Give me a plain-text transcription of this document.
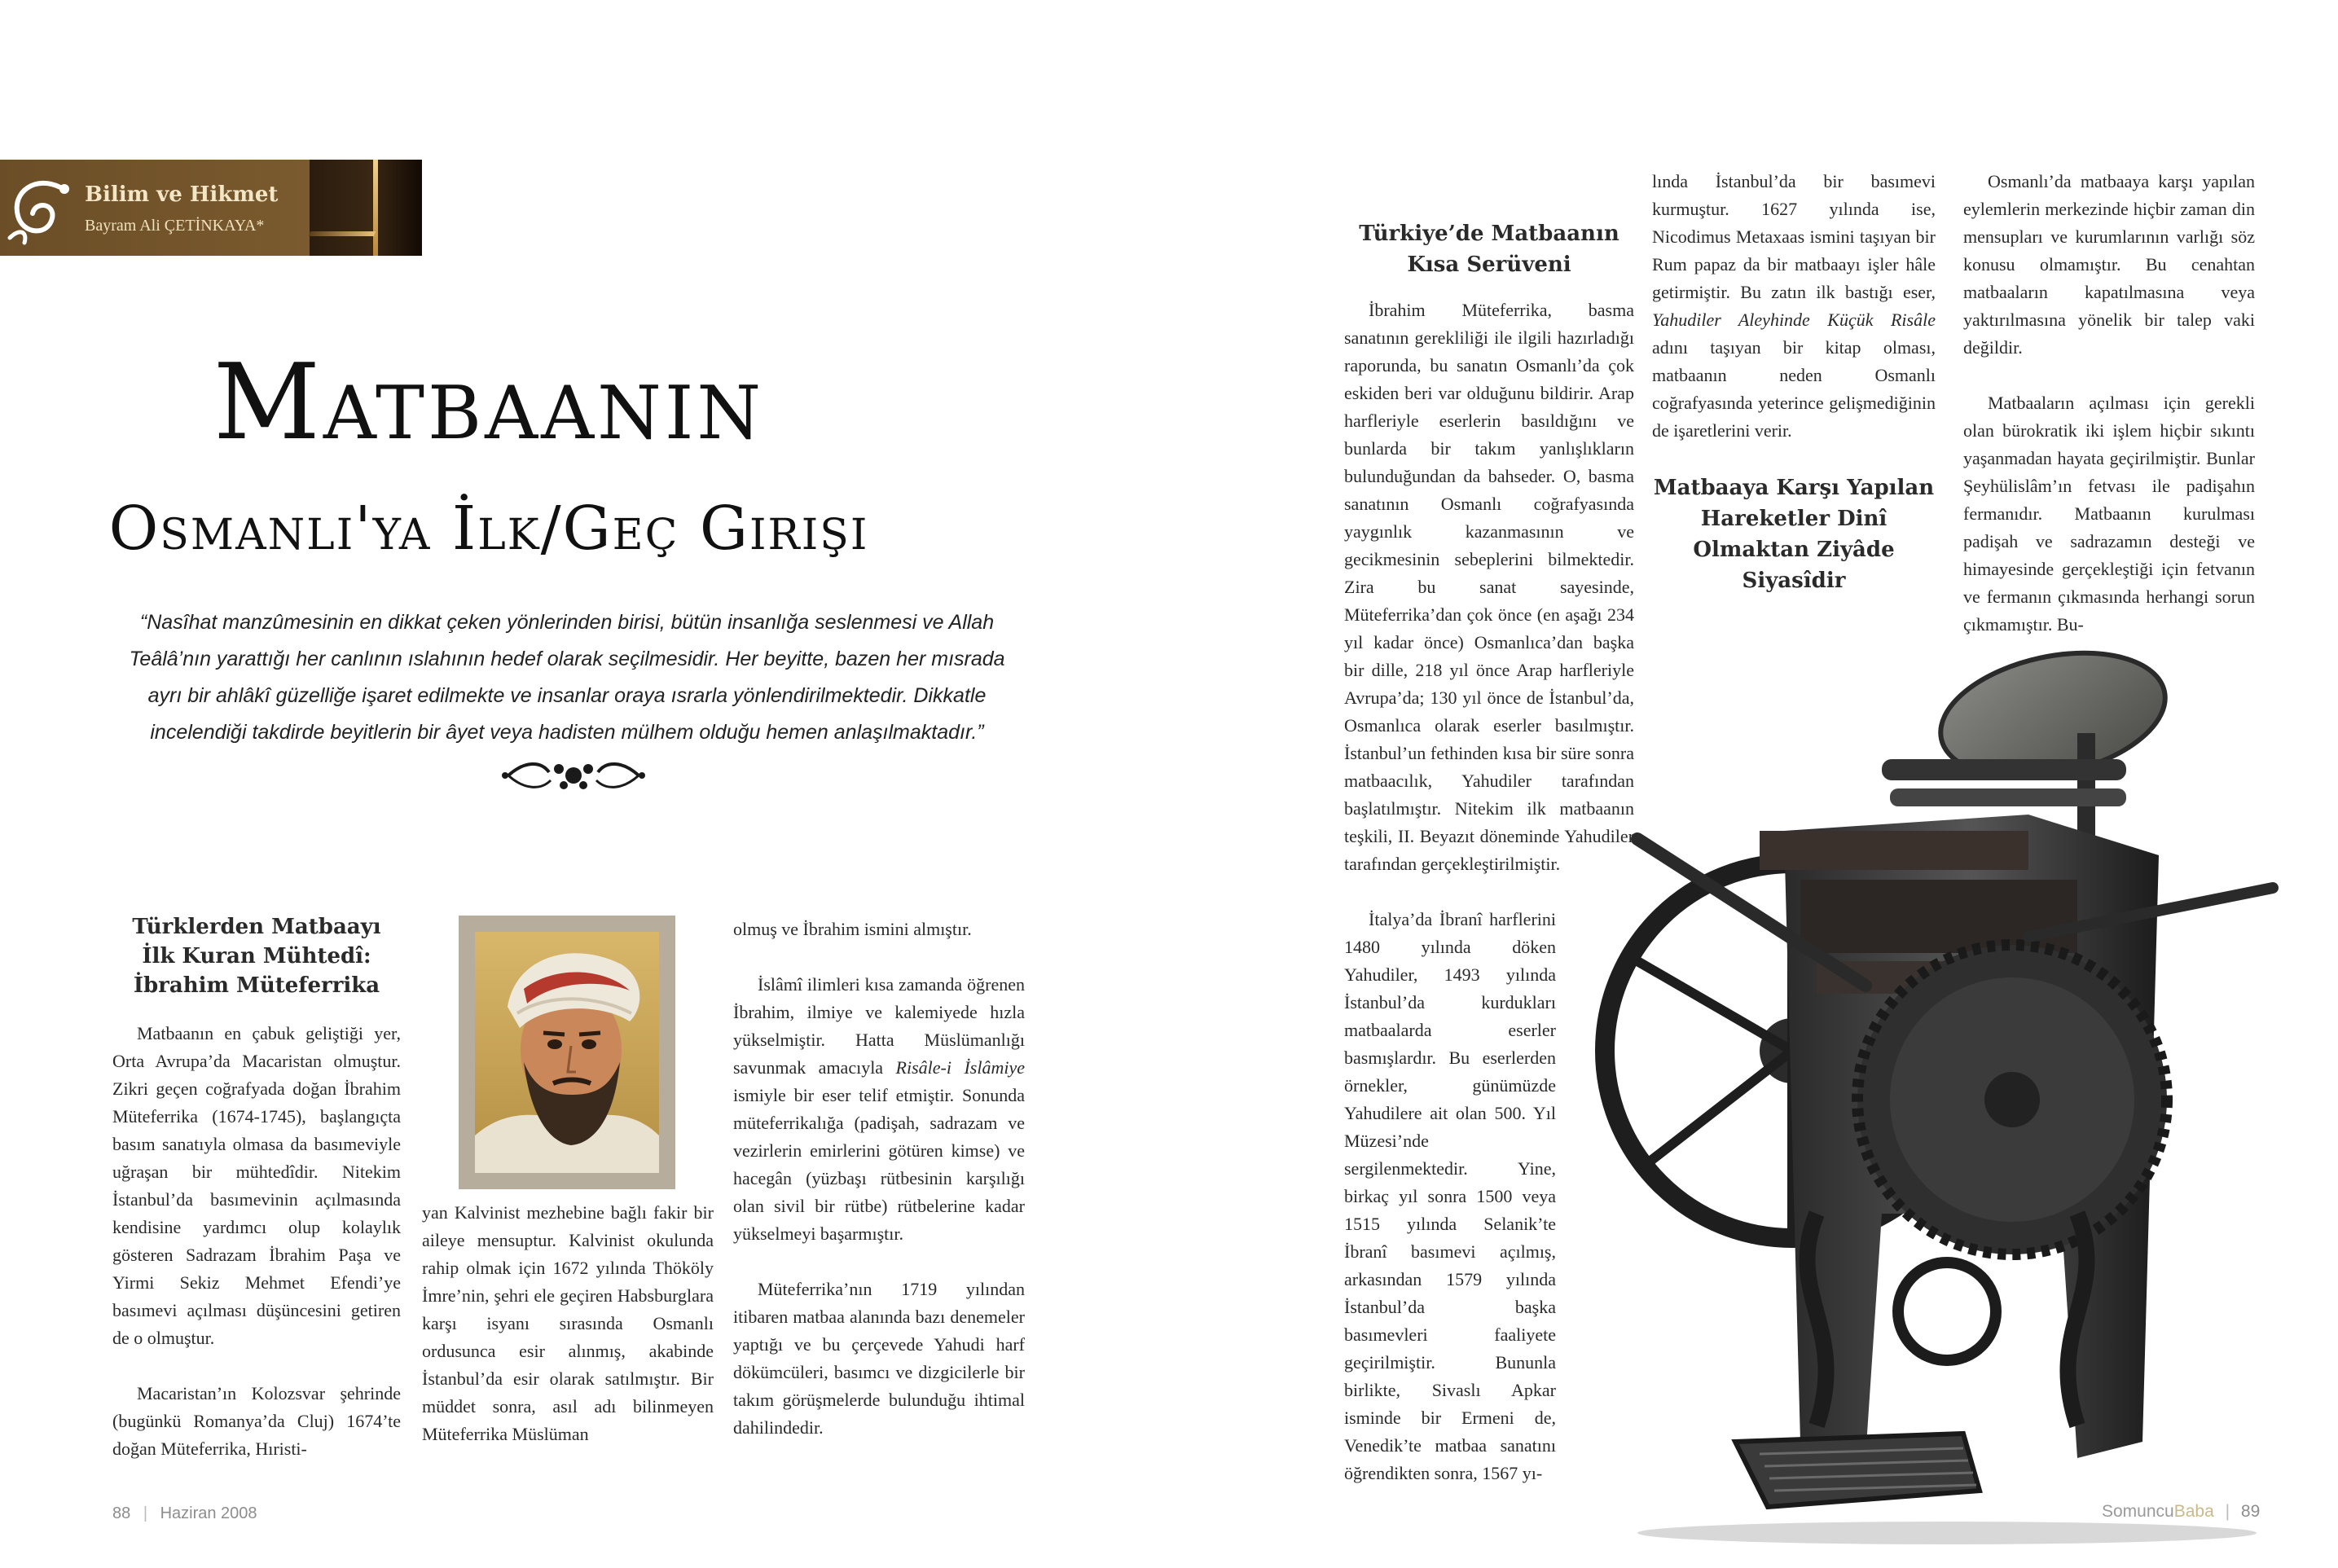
Bilim ve Hikmet
Bayram Ali ÇETİNKAYA*
Matbaanın
Osmanlı'ya İlk/Geç Girişi
“Nasîhat manzûmesinin en dikkat çeken yönlerinden birisi, bütün insanlığa seslenmesi ve Allah Teâlâ’nın yarattığı her canlının ıslahının hedef olarak seçilmesidir. Her beyitte, bazen her mısrada ayrı bir ahlâkî güzelliğe işaret edilmekte ve insanlar oraya ısrarla yönlendirilmektedir. Dikkatle incelendiği takdirde beyitlerin bir âyet veya hadisten mülhem olduğu hemen anlaşılmaktadır.”
Türklerden Matbaayı İlk Kuran Mühtedî: İbrahim Müteferrika

Matbaanın en çabuk geliştiği yer, Orta Avrupa’da Macaristan olmuştur. Zikri geçen coğrafyada doğan İbrahim Müteferrika (1674-1745), başlangıçta basım sanatıyla olmasa da basımeviyle uğraşan bir mühtedîdir. Nitekim İstanbul’da basımevinin açılmasında kendisine yardımcı olup kolaylık gösteren Sadrazam İbrahim Paşa ve Yirmi Sekiz Mehmet Efendi’ye basımevi açılması düşüncesini getiren de o olmuştur.

Macaristan’ın Kolozsvar şehrinde (bugünkü Romanya’da Cluj) 1674’te doğan Müteferrika, Hıristi-

yan Kalvinist mezhebine bağlı fakir bir aileye mensuptur. Kalvinist okulunda rahip olmak için 1672 yılında Thököly İmre’nin, şehri ele geçiren Habsburglara karşı isyanı sırasında Osmanlı ordusunca esir alınmış, akabinde İstanbul’da esir olarak satılmıştır. Bir müddet sonra, asıl adı bilinmeyen Müteferrika Müslüman

olmuş ve İbrahim ismini almıştır.

İslâmî ilimleri kısa zamanda öğrenen İbrahim, ilmiye ve kalemiyede hızla yükselmiştir. Hatta Müslümanlığı savunmak amacıyla Risâle-i İslâmiye ismiyle bir eser telif etmiştir. Sonunda müteferrikalığa (padişah, sadrazam ve vezirlerin emirlerini götüren kimse) ve hacegân (yüzbaşı rütbesinin karşılığı olan sivil bir rütbe) rütbelerine kadar yükselmeyi başarmıştır.

Müteferrika’nın 1719 yılından itibaren matbaa alanında bazı denemeler yaptığı ve bu çerçevede Yahudi harf dökümcüleri, basımcı ve dizgicilerle bir takım görüşmelerde bulunduğu ihtimal dahilindedir.

88 | Haziran 2008
Türkiye’de Matbaanın Kısa Serüveni

İbrahim Müteferrika, basma sanatının gerekliliği ile ilgili hazırladığı raporunda, bu sanatın Osmanlı’da çok eskiden beri var olduğunu bildirir. Arap harfleriyle eserlerin basıldığını ve bunlarda bir takım yanlışlıkların bulunduğundan da bahseder. O, basma sanatının Osmanlı coğrafyasında yaygınlık kazanmasının ve gecikmesinin sebeplerini bilmektedir. Zira bu sanat sayesinde, Müteferrika’dan çok önce (en aşağı 234 yıl kadar önce) Osmanlıca’dan başka bir dille, 218 yıl önce Arap harfleriyle Avrupa’da; 130 yıl önce de İstanbul’da, Osmanlıca olarak eserler basılmıştır. İstanbul’un fethinden kısa bir süre sonra matbaacılık, Yahudiler tarafından başlatılmıştır. Nitekim ilk matbaanın teşkili, II. Beyazıt döneminde Yahudiler tarafından gerçekleştirilmiştir.

İtalya’da İbranî harflerini 1480 yılında döken Yahudiler, 1493 yılında İstanbul’da kurdukları matbaalarda eserler basmışlardır. Bu eserlerden örnekler, günümüzde Yahudilere ait olan 500. Yıl Müzesi’nde sergilenmektedir. Yine, birkaç yıl sonra 1500 veya 1515 yılında Selanik’te İbranî basımevi açılmış, arkasından 1579 yılında İstanbul’da başka basımevleri faaliyete geçirilmiştir. Bununla birlikte, Sivaslı Apkar isminde bir Ermeni de, Venedik’te matbaa sanatını öğrendikten sonra, 1567 yı-

lında İstanbul’da bir basımevi kurmuştur. 1627 yılında ise, Nicodimus Metaxaas ismini taşıyan bir Rum papaz da bir matbaayı işler hâle getirmiştir. Bu zatın ilk bastığı eser, Yahudiler Aleyhinde Küçük Risâle adını taşıyan bir kitap olması, matbaanın neden Osmanlı coğrafyasında yeterince gelişmediğinin de işaretlerini verir.

Matbaaya Karşı Yapılan Hareketler Dinî Olmaktan Ziyâde Siyasîdir

Osmanlı’da matbaaya karşı yapılan eylemlerin merkezinde hiçbir zaman din mensupları ve kurumlarının varlığı söz konusu olmamıştır. Bu cenahtan matbaaların kapatılmasına veya yaktırılmasına yönelik bir talep vaki değildir.

Matbaaların açılması için gerekli olan bürokratik iki işlem hiçbir sıkıntı yaşanmadan hayata geçirilmiştir. Bunlar Şeyhülislâm’ın fetvası ile padişahın fermanıdır. Matbaanın kurulması padişah ve sadrazamın desteği ve himayesinde gerçekleştiği için fetvanın ve fermanın çıkmasında herhangi sorun çıkmamıştır. Bu-

SomuncuBaba | 89
